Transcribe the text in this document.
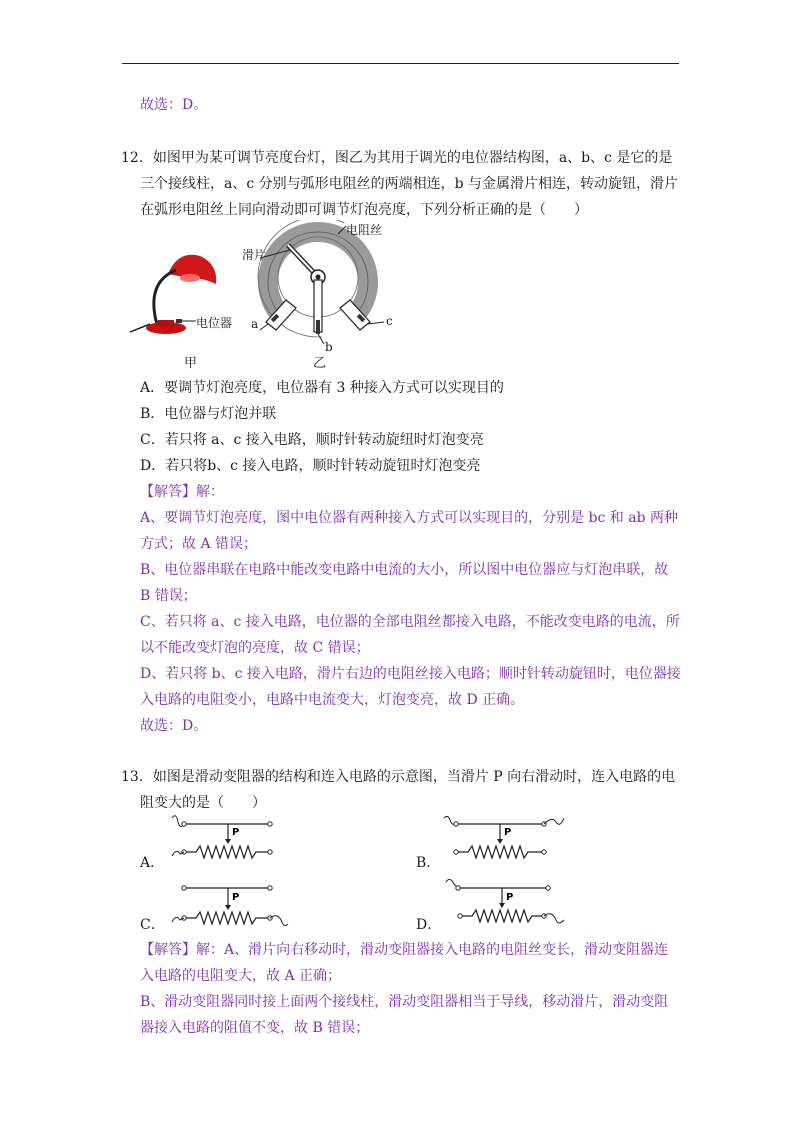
故选：D。
12．如图甲为某可调节亮度台灯，图乙为其用于调光的电位器结构图，a、b、c 是它的是
三个接线柱，a、c 分别与弧形电阻丝的两端相连，b 与金属滑片相连，转动旋钮，滑片
在弧形电阻丝上同向滑动即可调节灯泡亮度，下列分析正确的是（　　）
电位器
甲
电阻丝
滑片
a
b
c
乙
A．要调节灯泡亮度，电位器有 3 种接入方式可以实现目的
B．电位器与灯泡并联
C．若只将 a、c 接入电路，顺时针转动旋纽时灯泡变亮
D．若只将b、c 接入电路，顺时针转动旋钮时灯泡变亮
【解答】解：
A、要调节灯泡亮度，图中电位器有两种接入方式可以实现目的，分别是 bc 和 ab 两种
方式；故 A 错误；
B、电位器串联在电路中能改变电路中电流的大小，所以图中电位器应与灯泡串联，故
B 错误；
C、若只将 a、c 接入电路，电位器的全部电阻丝都接入电路，不能改变电路的电流，所
以不能改变灯泡的亮度，故 C 错误；
D、若只将 b、c 接入电路，滑片右边的电阻丝接入电路；顺时针转动旋钮时，电位器接
入电路的电阻变小，电路中电流变大，灯泡变亮，故 D 正确。
故选：D。
13．如图是滑动变阻器的结构和连入电路的示意图，当滑片 P 向右滑动时，连入电路的电
阻变大的是（　　）
P
A．
P
B．
P
C．
P
D．
【解答】解：A、滑片向右移动时，滑动变阻器接入电路的电阻丝变长，滑动变阻器连
入电路的电阻变大，故 A 正确；
B、滑动变阻器同时接上面两个接线柱，滑动变阻器相当于导线，移动滑片，滑动变阻
器接入电路的阻值不变，故 B 错误；
